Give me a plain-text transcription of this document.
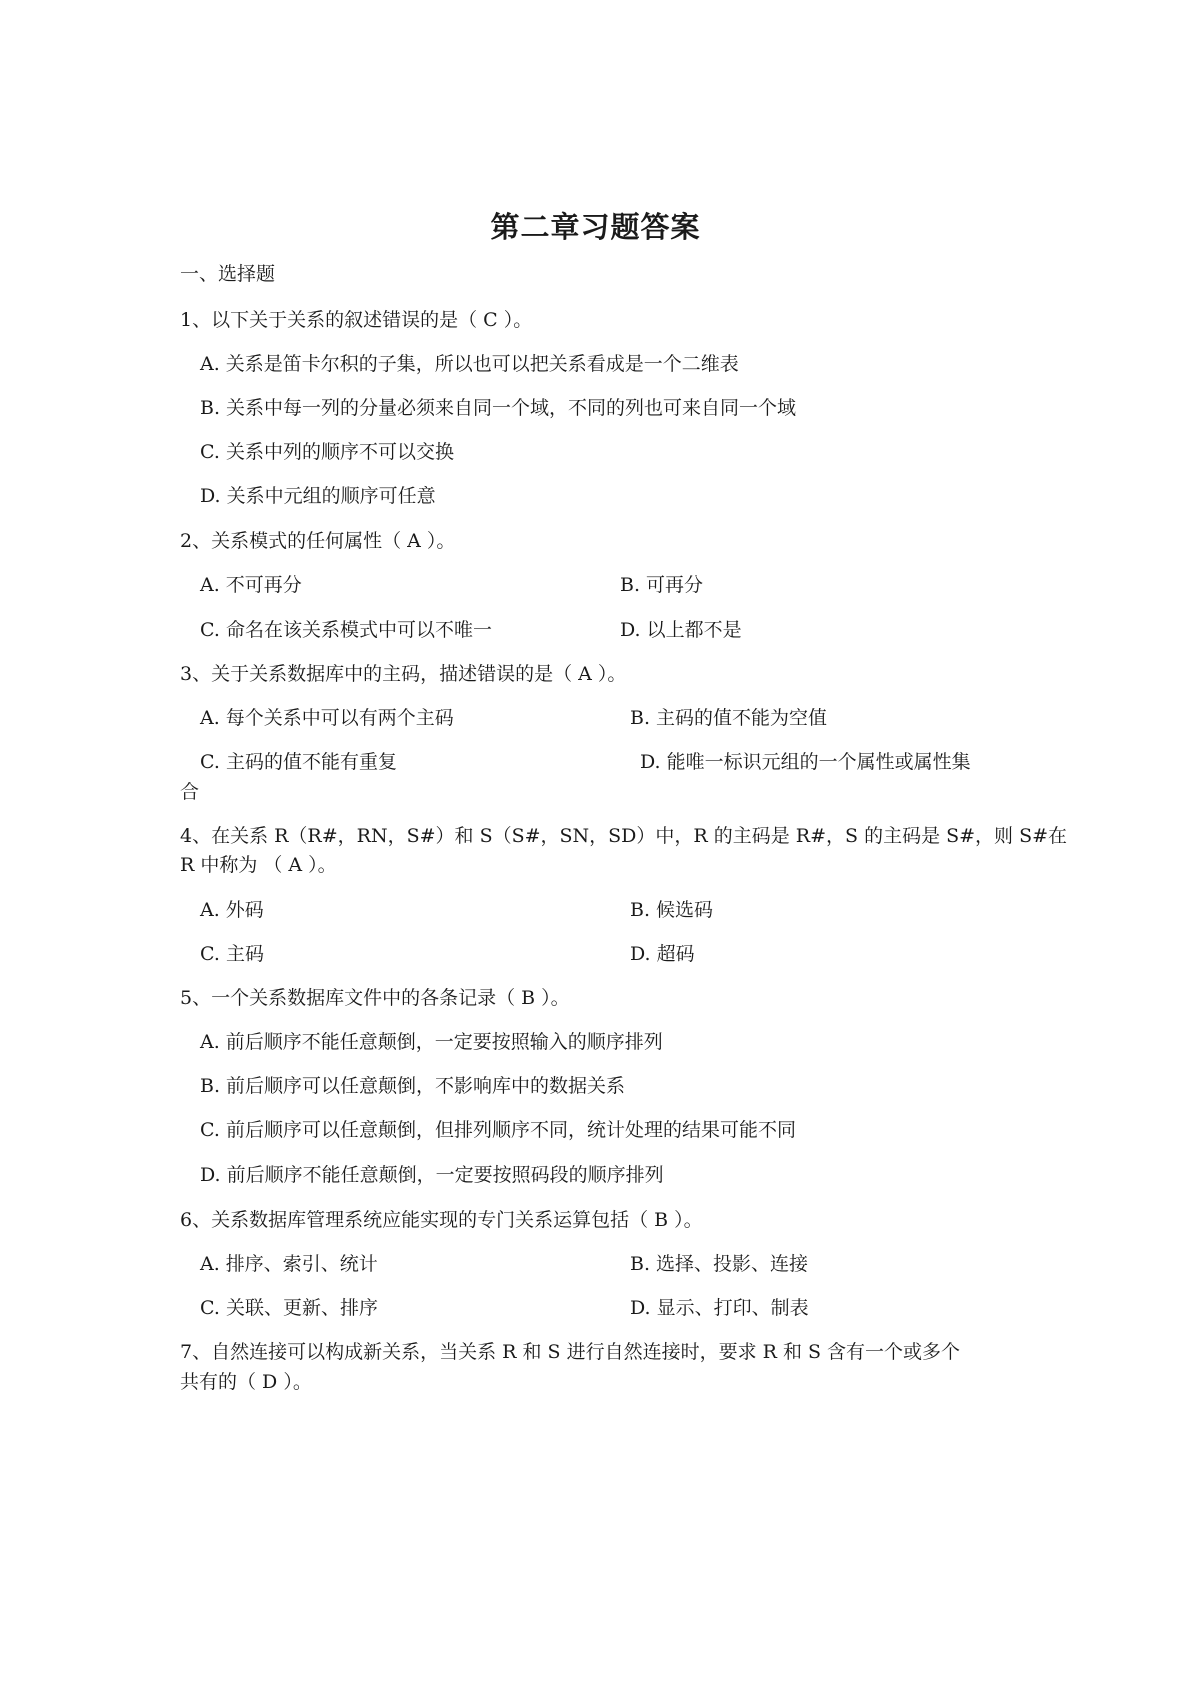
第二章习题答案
一、选择题
1、以下关于关系的叙述错误的是（ C ）。
A. 关系是笛卡尔积的子集，所以也可以把关系看成是一个二维表
B. 关系中每一列的分量必须来自同一个域，不同的列也可来自同一个域
C. 关系中列的顺序不可以交换
D. 关系中元组的顺序可任意
2、关系模式的任何属性（ A ）。
A. 不可再分	B. 可再分
C. 命名在该关系模式中可以不唯一	D. 以上都不是
3、关于关系数据库中的主码，描述错误的是（ A ）。
A. 每个关系中可以有两个主码	B. 主码的值不能为空值
C. 主码的值不能有重复	D. 能唯一标识元组的一个属性或属性集
合
4、在关系 R（R#，RN，S#）和 S（S#，SN，SD）中，R 的主码是 R#，S 的主码是 S#，则 S#在
R 中称为 （ A ）。
A. 外码	B. 候选码
C. 主码	D. 超码
5、一个关系数据库文件中的各条记录（ B ）。
A. 前后顺序不能任意颠倒，一定要按照输入的顺序排列
B. 前后顺序可以任意颠倒，不影响库中的数据关系
C. 前后顺序可以任意颠倒，但排列顺序不同，统计处理的结果可能不同
D. 前后顺序不能任意颠倒，一定要按照码段的顺序排列
6、关系数据库管理系统应能实现的专门关系运算包括（ B ）。
A. 排序、索引、统计	B. 选择、投影、连接
C. 关联、更新、排序	D. 显示、打印、制表
7、自然连接可以构成新关系，当关系 R 和 S 进行自然连接时，要求 R 和 S 含有一个或多个
共有的（ D ）。
